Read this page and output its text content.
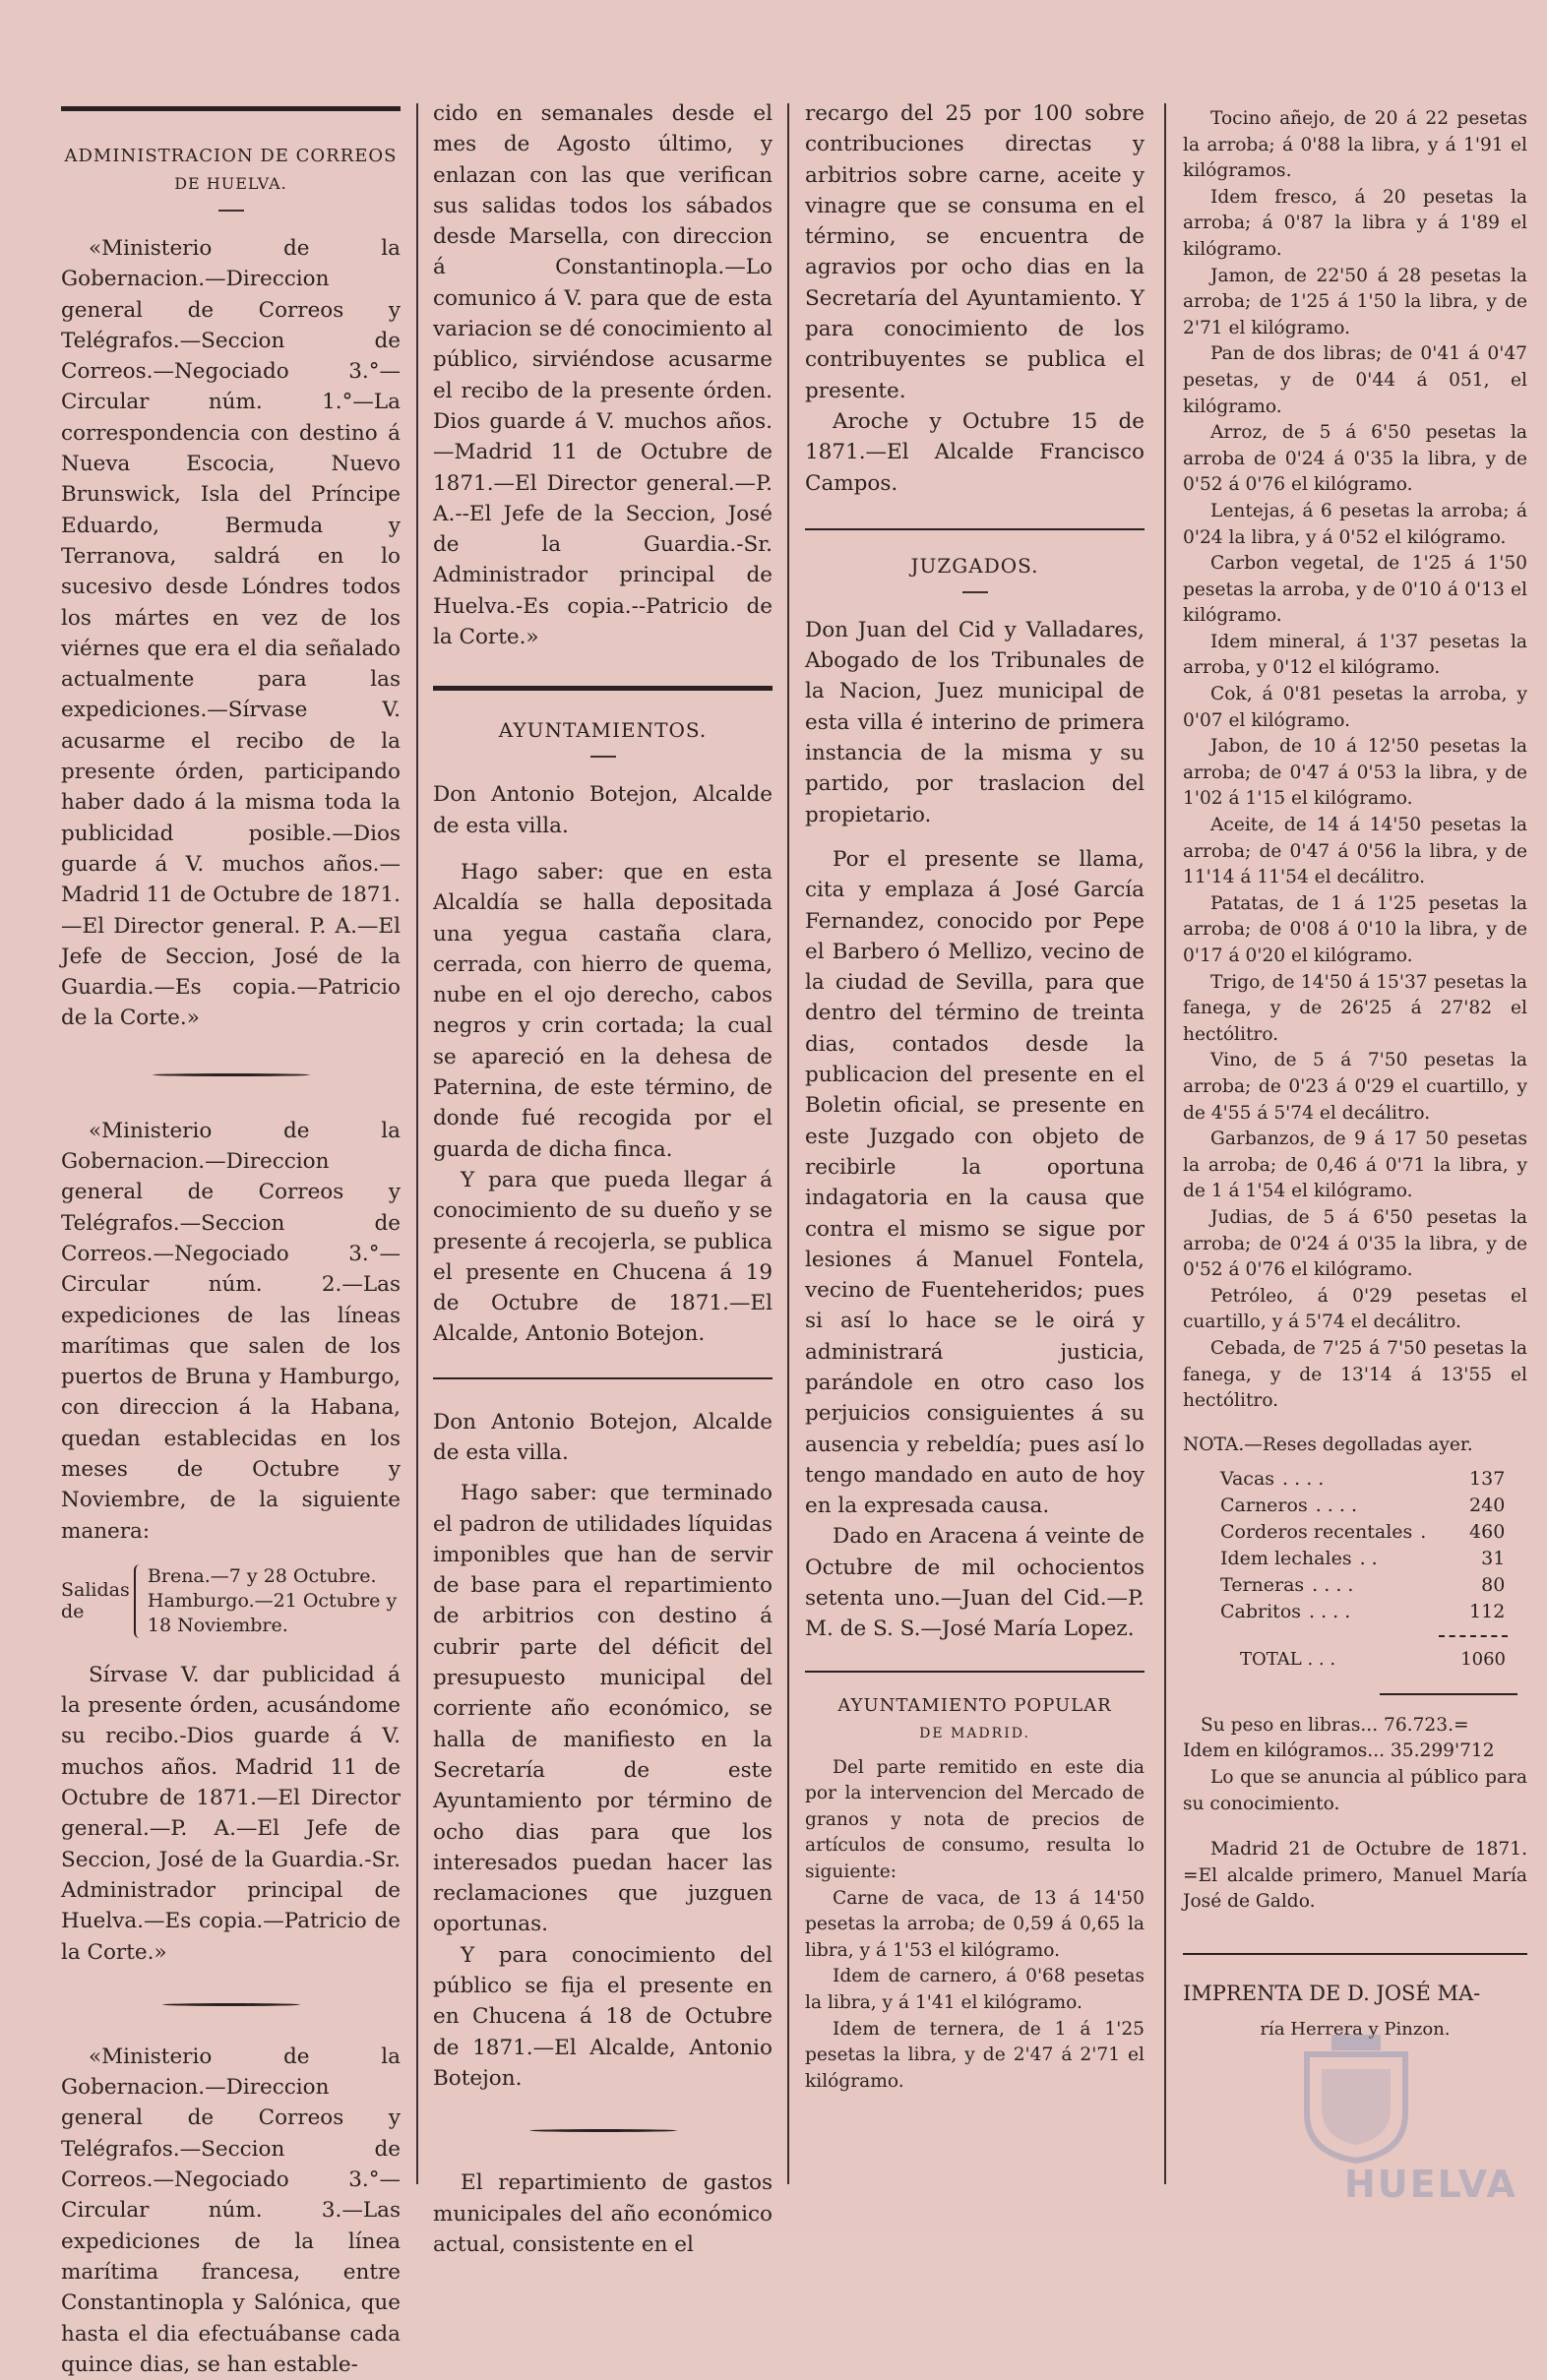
ADMINISTRACION DE CORREOS
DE HUELVA.

«Ministerio de la Gobernacion.—Direccion general de Correos y Telégrafos.—Seccion de Correos.—Negociado 3.°—Circular núm. 1.°—La correspondencia con destino á Nueva Escocia, Nuevo Brunswick, Isla del Príncipe Eduardo, Bermuda y Terranova, saldrá en lo sucesivo desde Lóndres todos los mártes en vez de los viérnes que era el dia señalado actualmente para las expediciones.—Sírvase V. acusarme el recibo de la presente órden, participando haber dado á la misma toda la publicidad posible.—Dios guarde á V. muchos años.—Madrid 11 de Octubre de 1871.—El Director general. P. A.—El Jefe de Seccion, José de la Guardia.—Es copia.—Patricio de la Corte.»

«Ministerio de la Gobernacion.—Direccion general de Correos y Telégrafos.—Seccion de Correos.—Negociado 3.°—Circular núm. 2.—Las expediciones de las líneas marítimas que salen de los puertos de Bruna y Hamburgo, con direccion á la Habana, quedan establecidas en los meses de Octubre y Noviembre, de la siguiente manera:

Salidas de
Brena.—7 y 28 Octubre.
Hamburgo.—21 Octubre y 18 Noviembre.

Sírvase V. dar publicidad á la presente órden, acusándome su recibo.-Dios guarde á V. muchos años. Madrid 11 de Octubre de 1871.—El Director general.—P. A.—El Jefe de Seccion, José de la Guardia.-Sr. Administrador principal de Huelva.—Es copia.—Patricio de la Corte.»

«Ministerio de la Gobernacion.—Direccion general de Correos y Telégrafos.—Seccion de Correos.—Negociado 3.°—Circular núm. 3.—Las expediciones de la línea marítima francesa, entre Constantinopla y Salónica, que hasta el dia efectuábanse cada quince dias, se han estable-

cido en semanales desde el mes de Agosto último, y enlazan con las que verifican sus salidas todos los sábados desde Marsella, con direccion á Constantinopla.—Lo comunico á V. para que de esta variacion se dé conocimiento al público, sirviéndose acusarme el recibo de la presente órden. Dios guarde á V. muchos años.—Madrid 11 de Octubre de 1871.—El Director general.—P. A.--El Jefe de la Seccion, José de la Guardia.-Sr. Administrador principal de Huelva.-Es copia.--Patricio de la Corte.»

AYUNTAMIENTOS.

Don Antonio Botejon, Alcalde de esta villa.

Hago saber: que en esta Alcaldía se halla depositada una yegua castaña clara, cerrada, con hierro de quema, nube en el ojo derecho, cabos negros y crin cortada; la cual se apareció en la dehesa de Paternina, de este término, de donde fué recogida por el guarda de dicha finca.

Y para que pueda llegar á conocimiento de su dueño y se presente á recojerla, se publica el presente en Chucena á 19 de Octubre de 1871.—El Alcalde, Antonio Botejon.

Don Antonio Botejon, Alcalde de esta villa.

Hago saber: que terminado el padron de utilidades líquidas imponibles que han de servir de base para el repartimiento de arbitrios con destino á cubrir parte del déficit del presupuesto municipal del corriente año económico, se halla de manifiesto en la Secretaría de este Ayuntamiento por término de ocho dias para que los interesados puedan hacer las reclamaciones que juzguen oportunas.

Y para conocimiento del público se fija el presente en en Chucena á 18 de Octubre de 1871.—El Alcalde, Antonio Botejon.

El repartimiento de gastos municipales del año económico actual, consistente en el

recargo del 25 por 100 sobre contribuciones directas y arbitrios sobre carne, aceite y vinagre que se consuma en el término, se encuentra de agravios por ocho dias en la Secretaría del Ayuntamiento. Y para conocimiento de los contribuyentes se publica el presente.

Aroche y Octubre 15 de 1871.—El Alcalde Francisco Campos.

JUZGADOS.

Don Juan del Cid y Valladares, Abogado de los Tribunales de la Nacion, Juez municipal de esta villa é interino de primera instancia de la misma y su partido, por traslacion del propietario.

Por el presente se llama, cita y emplaza á José García Fernandez, conocido por Pepe el Barbero ó Mellizo, vecino de la ciudad de Sevilla, para que dentro del término de treinta dias, contados desde la publicacion del presente en el Boletin oficial, se presente en este Juzgado con objeto de recibirle la oportuna indagatoria en la causa que contra el mismo se sigue por lesiones á Manuel Fontela, vecino de Fuenteheridos; pues si así lo hace se le oirá y administrará justicia, parándole en otro caso los perjuicios consiguientes á su ausencia y rebeldía; pues así lo tengo mandado en auto de hoy en la expresada causa.

Dado en Aracena á veinte de Octubre de mil ochocientos setenta uno.—Juan del Cid.—P. M. de S. S.—José María Lopez.

AYUNTAMIENTO POPULAR
DE MADRID.

Del parte remitido en este dia por la intervencion del Mercado de granos y nota de precios de artículos de consumo, resulta lo siguiente:

Carne de vaca, de 13 á 14'50 pesetas la arroba; de 0,59 á 0,65 la libra, y á 1'53 el kilógramo.

Idem de carnero, á 0'68 pesetas la libra, y á 1'41 el kilógramo.

Idem de ternera, de 1 á 1'25 pesetas la libra, y de 2'47 á 2'71 el kilógramo.

Tocino añejo, de 20 á 22 pesetas la arroba; á 0'88 la libra, y á 1'91 el kilógramos.

Idem fresco, á 20 pesetas la arroba; á 0'87 la libra y á 1'89 el kilógramo.

Jamon, de 22'50 á 28 pesetas la arroba; de 1'25 á 1'50 la libra, y de 2'71 el kilógramo.

Pan de dos libras; de 0'41 á 0'47 pesetas, y de 0'44 á 051, el kilógramo.

Arroz, de 5 á 6'50 pesetas la arroba de 0'24 á 0'35 la libra, y de 0'52 á 0'76 el kilógramo.

Lentejas, á 6 pesetas la arroba; á 0'24 la libra, y á 0'52 el kilógramo.

Carbon vegetal, de 1'25 á 1'50 pesetas la arroba, y de 0'10 á 0'13 el kilógramo.

Idem mineral, á 1'37 pesetas la arroba, y 0'12 el kilógramo.

Cok, á 0'81 pesetas la arroba, y 0'07 el kilógramo.

Jabon, de 10 á 12'50 pesetas la arroba; de 0'47 á 0'53 la libra, y de 1'02 á 1'15 el kilógramo.

Aceite, de 14 á 14'50 pesetas la arroba; de 0'47 á 0'56 la libra, y de 11'14 á 11'54 el decálitro.

Patatas, de 1 á 1'25 pesetas la arroba; de 0'08 á 0'10 la libra, y de 0'17 á 0'20 el kilógramo.

Trigo, de 14'50 á 15'37 pesetas la fanega, y de 26'25 á 27'82 el hectólitro.

Vino, de 5 á 7'50 pesetas la arroba; de 0'23 á 0'29 el cuartillo, y de 4'55 á 5'74 el decálitro.

Garbanzos, de 9 á 17 50 pesetas la arroba; de 0,46 á 0'71 la libra, y de 1 á 1'54 el kilógramo.

Judias, de 5 á 6'50 pesetas la arroba; de 0'24 á 0'35 la libra, y de 0'52 á 0'76 el kilógramo.

Petróleo, á 0'29 pesetas el cuartillo, y á 5'74 el decálitro.

Cebada, de 7'25 á 7'50 pesetas la fanega, y de 13'14 á 13'55 el hectólitro.

NOTA.—Reses degolladas ayer.

Vacas . . . .	137
Carneros . . . .	240
Corderos recentales .	460
Idem lechales . .	31
Terneras . . . .	80
Cabritos . . . .	112
TOTAL . . .	1060

Su peso en libras... 76.723.=

Idem en kilógramos... 35.299'712

Lo que se anuncia al público para su conocimiento.

Madrid 21 de Octubre de 1871. =El alcalde primero, Manuel María José de Galdo.

IMPRENTA DE D. JOSÉ MA-

ría Herrera y Pinzon.

HUELVA
